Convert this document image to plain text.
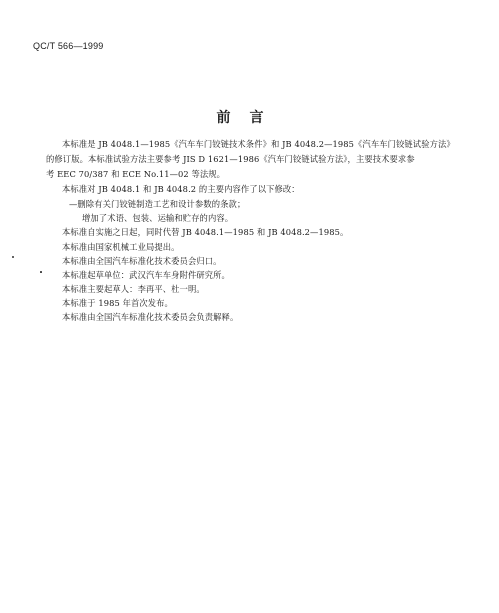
QC/T 566—1999
前言
本标准是 JB 4048.1—1985《汽车车门铰链技术条件》和 JB 4048.2—1985《汽车车门铰链试验方法》
的修订版。本标准试验方法主要参考 JIS D 1621—1986《汽车门铰链试验方法》，主要技术要求参
考 EEC 70/387 和 ECE No.11—02 等法规。
本标准对 JB 4048.1 和 JB 4048.2 的主要内容作了以下修改：
—删除有关门铰链制造工艺和设计参数的条款；
增加了术语、包装、运输和贮存的内容。
本标准自实施之日起，同时代替 JB 4048.1—1985 和 JB 4048.2—1985。
本标准由国家机械工业局提出。
本标准由全国汽车标准化技术委员会归口。
本标准起草单位：武汉汽车车身附件研究所。
本标准主要起草人：李再平、杜一明。
本标准于 1985 年首次发布。
本标准由全国汽车标准化技术委员会负责解释。
